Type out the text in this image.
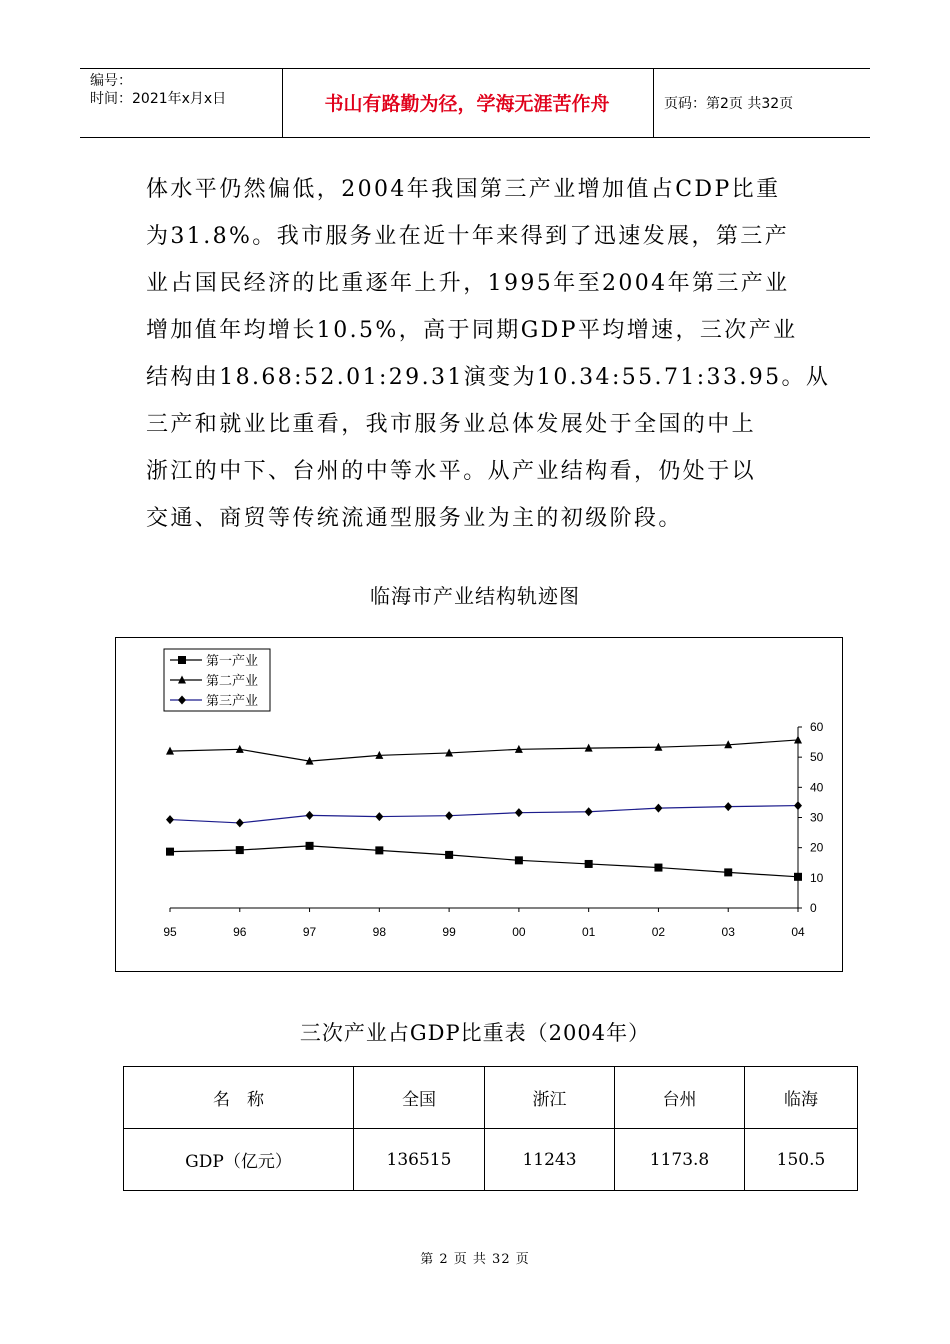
编号：
时间：2021年x月x日	书山有路勤为径，学海无涯苦作舟	页码：第2页 共32页

体水平仍然偏低，2004年我国第三产业增加值占CDP比重

为31.8%。我市服务业在近十年来得到了迅速发展，第三产

业占国民经济的比重逐年上升，1995年至2004年第三产业

增加值年均增长10.5%，高于同期GDP平均增速，三次产业

结构由18.68:52.01:29.31演变为10.34:55.71:33.95。从

三产和就业比重看，我市服务业总体发展处于全国的中上

浙江的中下、台州的中等水平。从产业结构看，仍处于以

交通、商贸等传统流通型服务业为主的初级阶段。

临海市产业结构轨迹图
0
10
20
30
40
50
60
95	96	97	98	99	00	01	02	03	04
第一产业
第二产业
第三产业
三次产业占GDP比重表（2004年）
名　称	全国	浙江	台州	临海
GDP（亿元）	136515	11243	1173.8	150.5
第 2 页 共 32 页
